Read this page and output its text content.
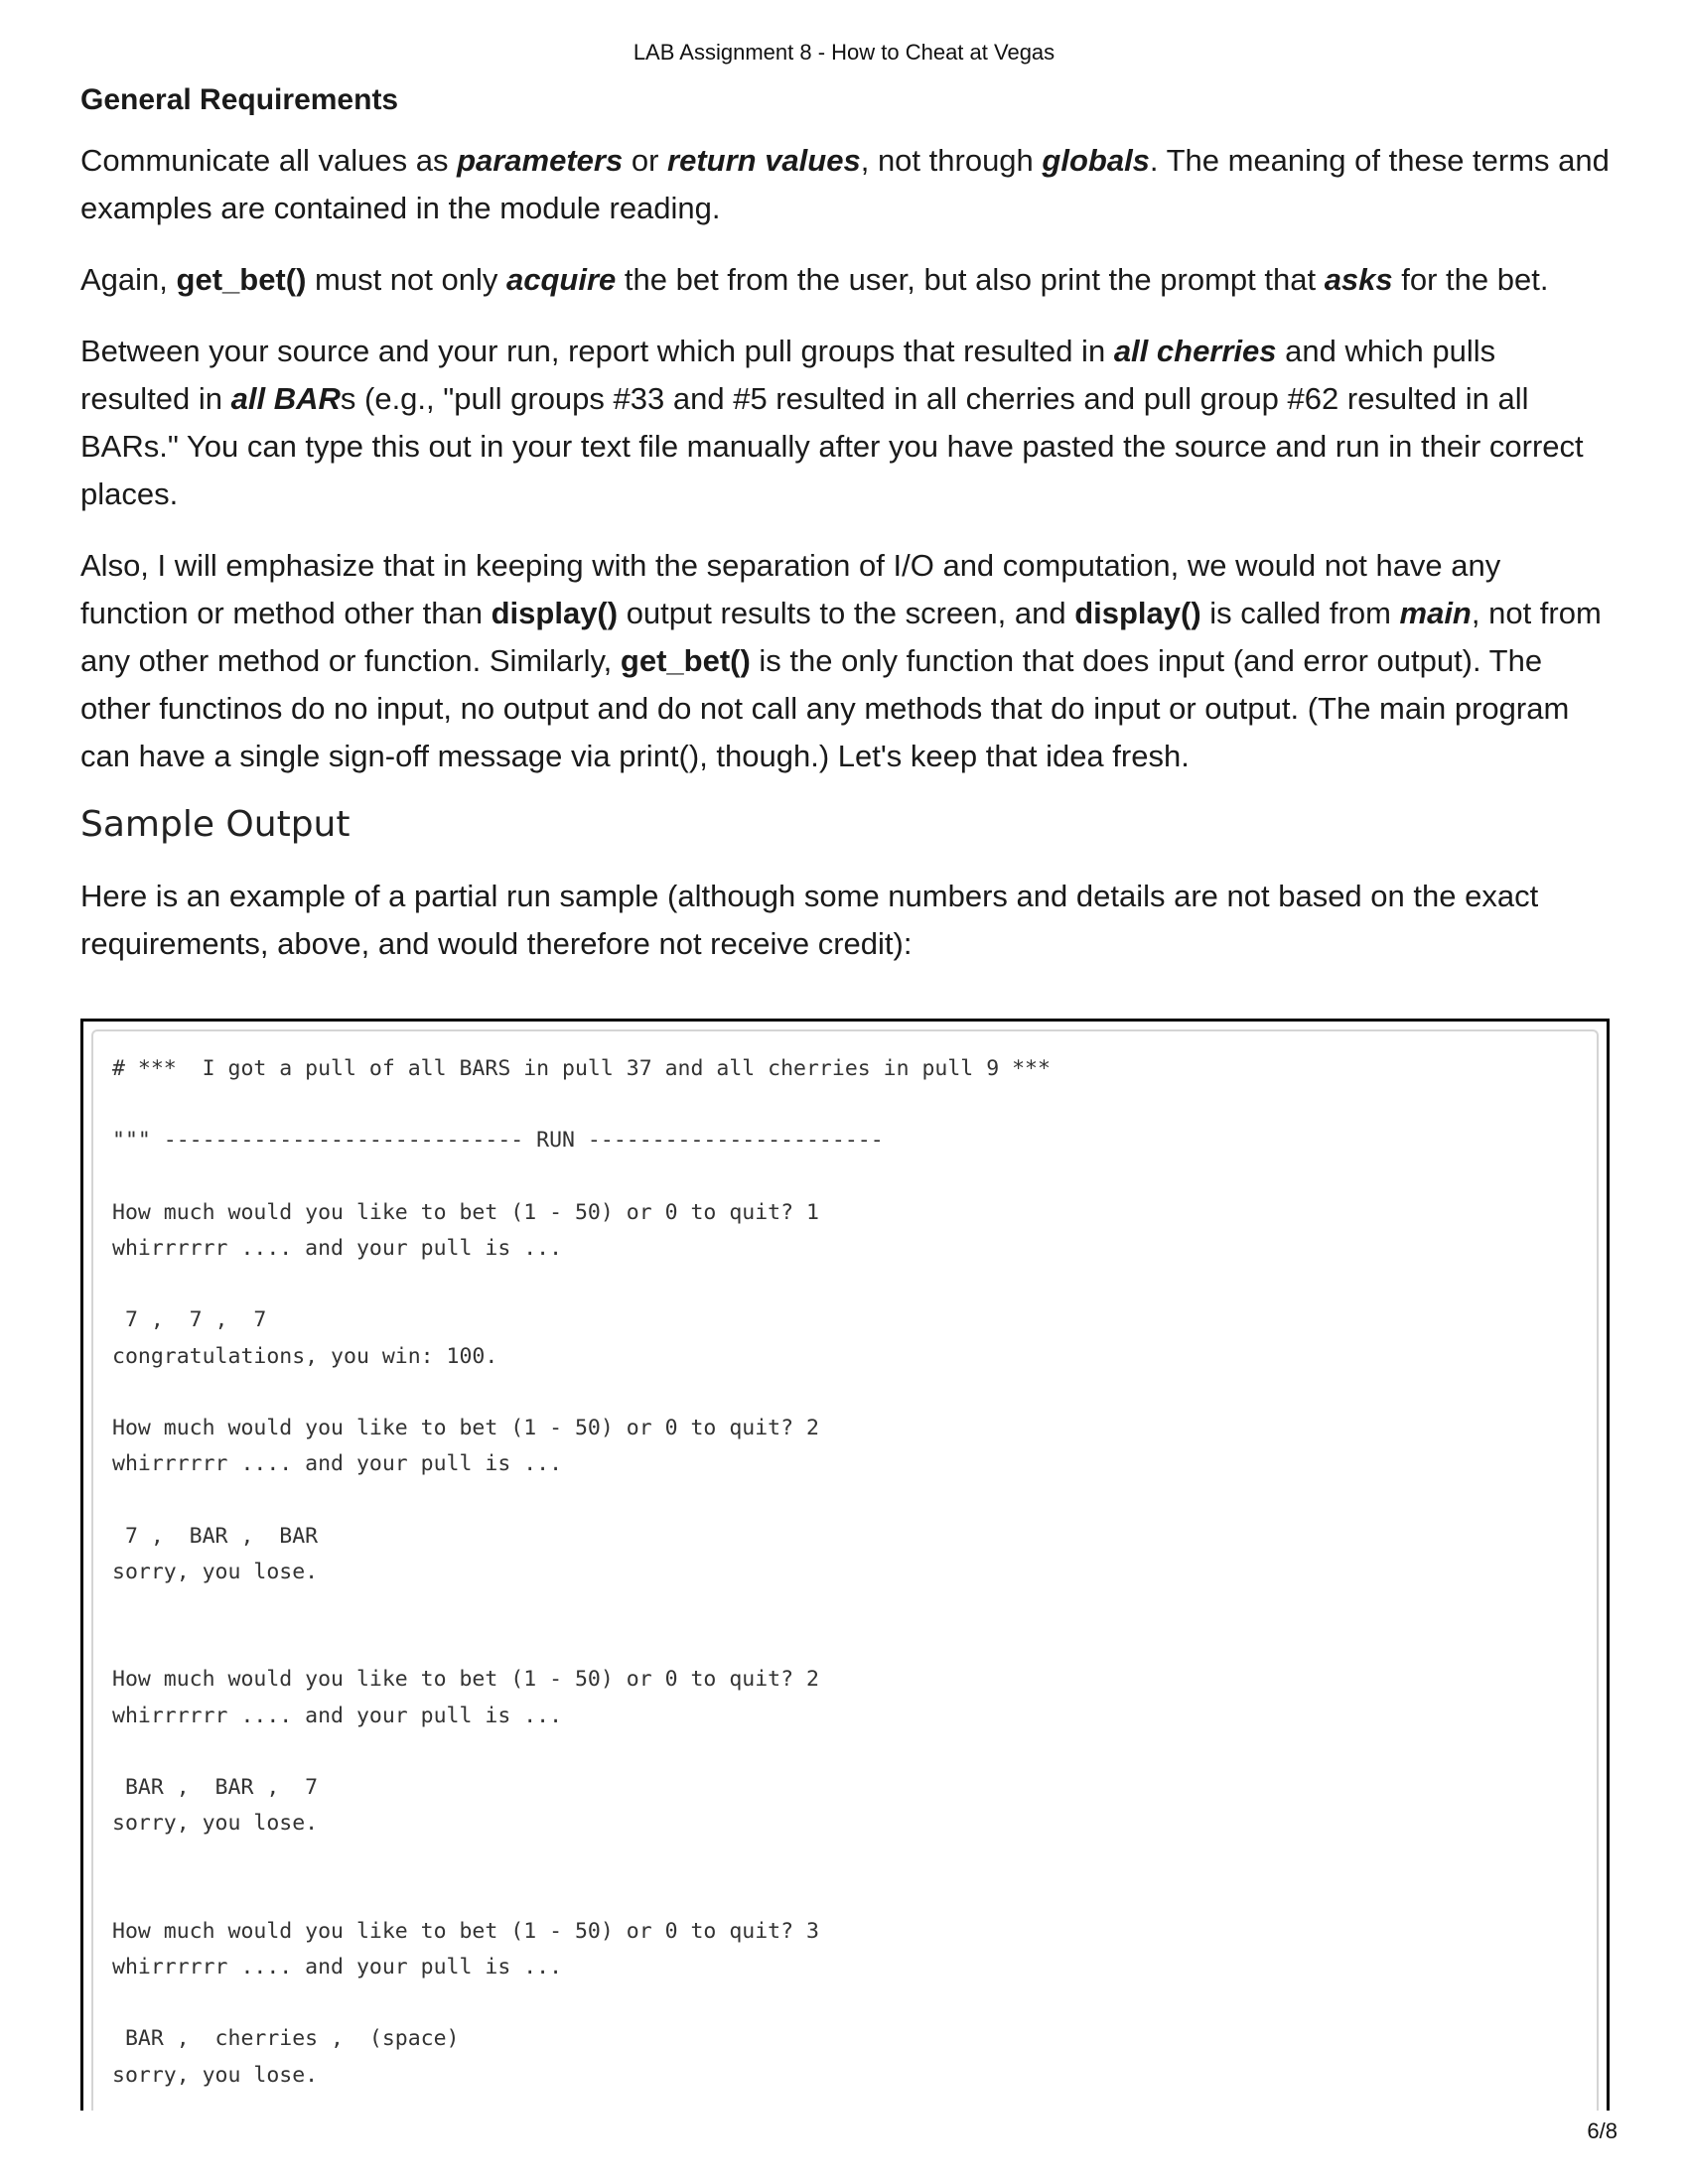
LAB Assignment 8 - How to Cheat at Vegas
General Requirements

Communicate all values as parameters or return values, not through globals. The meaning of these terms and examples are contained in the module reading.

Again, get_bet() must not only acquire the bet from the user, but also print the prompt that asks for the bet.

Between your source and your run, report which pull groups that resulted in all cherries and which pulls resulted in all BARs (e.g., "pull groups #33 and #5 resulted in all cherries and pull group #62 resulted in all BARs." You can type this out in your text file manually after you have pasted the source and run in their correct places.

Also, I will emphasize that in keeping with the separation of I/O and computation, we would not have any function or method other than display() output results to the screen, and display() is called from main, not from any other method or function. Similarly, get_bet() is the only function that does input (and error output). The other functinos do no input, no output and do not call any methods that do input or output. (The main program can have a single sign-off message via print(), though.) Let's keep that idea fresh.

Sample Output

Here is an example of a partial run sample (although some numbers and details are not based on the exact requirements, above, and would therefore not receive credit):

# ***  I got a pull of all BARS in pull 37 and all cherries in pull 9 ***

""" ---------------------------- RUN -----------------------

How much would you like to bet (1 - 50) or 0 to quit? 1
whirrrrrr .... and your pull is ...

7 ,  7 ,  7
congratulations, you win: 100.

How much would you like to bet (1 - 50) or 0 to quit? 2
whirrrrrr .... and your pull is ...

7 ,  BAR ,  BAR
sorry, you lose.

How much would you like to bet (1 - 50) or 0 to quit? 2
whirrrrrr .... and your pull is ...

BAR ,  BAR ,  7
sorry, you lose.

How much would you like to bet (1 - 50) or 0 to quit? 3
whirrrrrr .... and your pull is ...

BAR ,  cherries ,  (space)
sorry, you lose.
6/8
